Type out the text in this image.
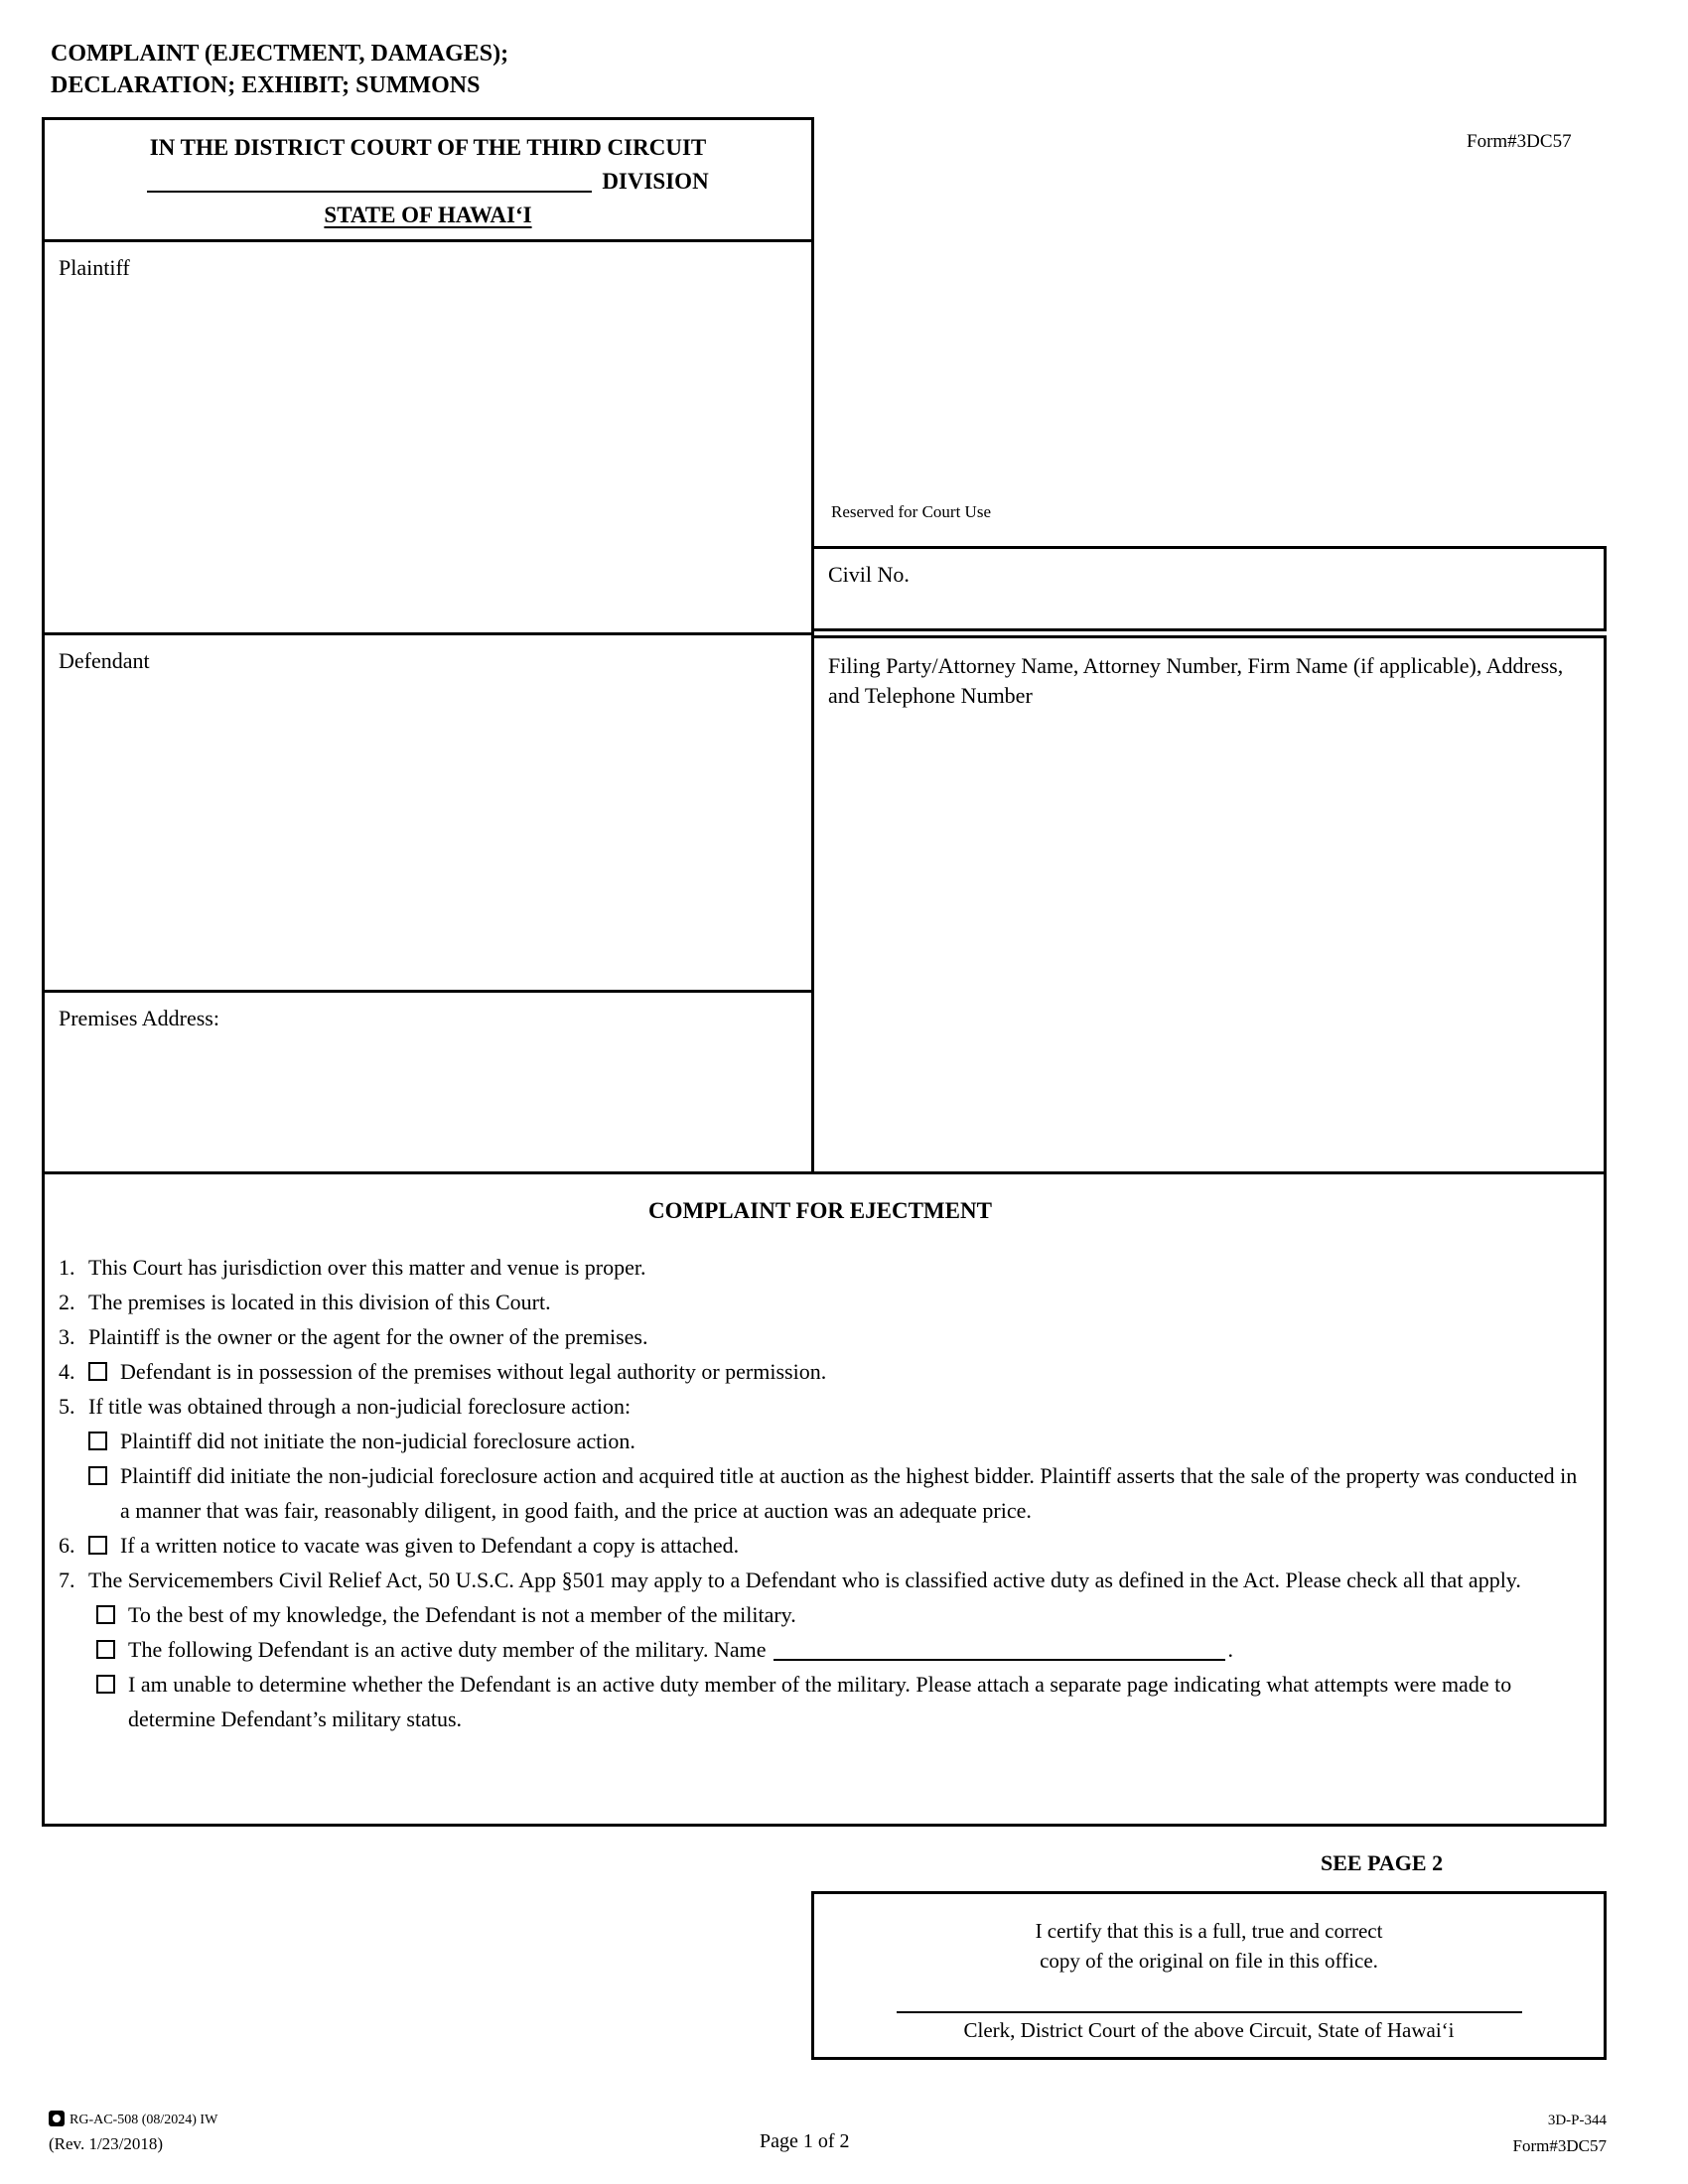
COMPLAINT (EJECTMENT, DAMAGES);
DECLARATION; EXHIBIT; SUMMONS
Form#3DC57
IN THE DISTRICT COURT OF THE THIRD CIRCUIT
DIVISION
STATE OF HAWAI‘I
Plaintiff
Reserved for Court Use
Civil No.
Defendant	Filing Party/Attorney Name, Attorney Number, Firm Name (if applicable), Address, and Telephone Number
Premises Address:
COMPLAINT FOR EJECTMENT
1. This Court has jurisdiction over this matter and venue is proper.
2. The premises is located in this division of this Court.
3. Plaintiff is the owner or the agent for the owner of the premises.
4. Defendant is in possession of the premises without legal authority or permission.
5. If title was obtained through a non-judicial foreclosure action:
Plaintiff did not initiate the non-judicial foreclosure action.
Plaintiff did initiate the non-judicial foreclosure action and acquired title at auction as the highest bidder. Plaintiff asserts that the sale of the property was conducted in a manner that was fair, reasonably diligent, in good faith, and the price at auction was an adequate price.
6. If a written notice to vacate was given to Defendant a copy is attached.
7. The Servicemembers Civil Relief Act, 50 U.S.C. App §501 may apply to a Defendant who is classified active duty as defined in the Act. Please check all that apply.
To the best of my knowledge, the Defendant is not a member of the military.
The following Defendant is an active duty member of the military. Name	.
I am unable to determine whether the Defendant is an active duty member of the military. Please attach a separate page indicating what attempts were made to determine Defendant’s military status.
SEE PAGE 2
I certify that this is a full, true and correct
copy of the original on file in this office.
Clerk, District Court of the above Circuit, State of Hawai‘i
RG-AC-508 (08/2024) IW
(Rev. 1/23/2018)	Page 1 of 2
3D-P-344
Form#3DC57
